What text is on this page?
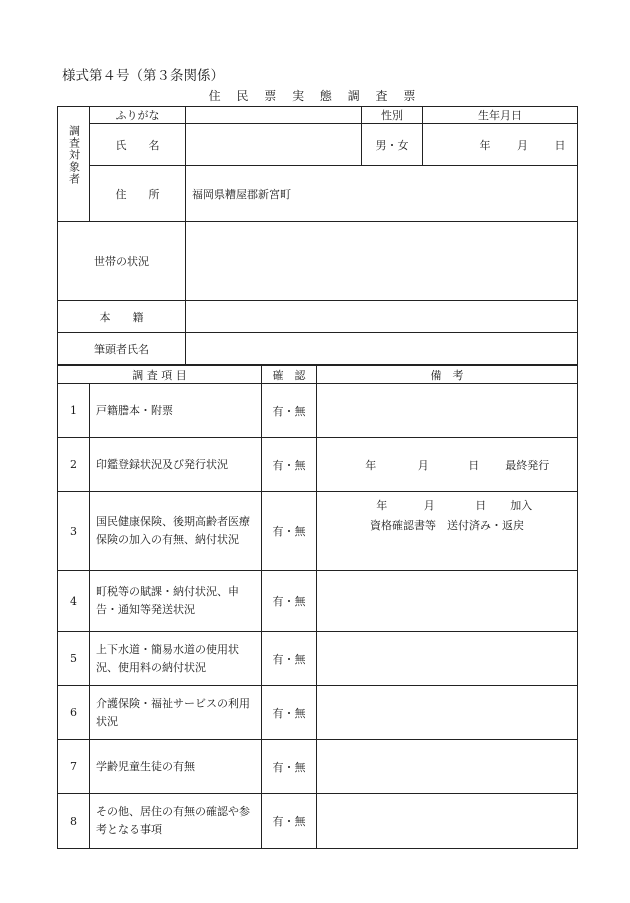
様式第４号（第３条関係）
住 民 票 実 態 調 査 票
調査対象者	ふりがな		性別	生年月日
	氏　　名		男・女	年 月 日
	住　　所	福岡県糟屋郡新宮町		
世帯の状況				
本　　籍				
筆頭者氏名				
調 査 項 目		確　認	備　考
1	戸籍謄本・附票	有・無	
2	印鑑登録状況及び発行状況	有・無	年 月 日 最終発行
3	国民健康保険、後期高齢者医療保険の加入の有無、納付状況	有・無	年 月 日 加入
資格確認書等　送付済み・返戻

4	町税等の賦課・納付状況、申告・通知等発送状況	有・無	
5	上下水道・簡易水道の使用状況、使用料の納付状況	有・無	
6	介護保険・福祉サービスの利用状況	有・無	
7	学齢児童生徒の有無	有・無	
8	その他、居住の有無の確認や参考となる事項	有・無	
